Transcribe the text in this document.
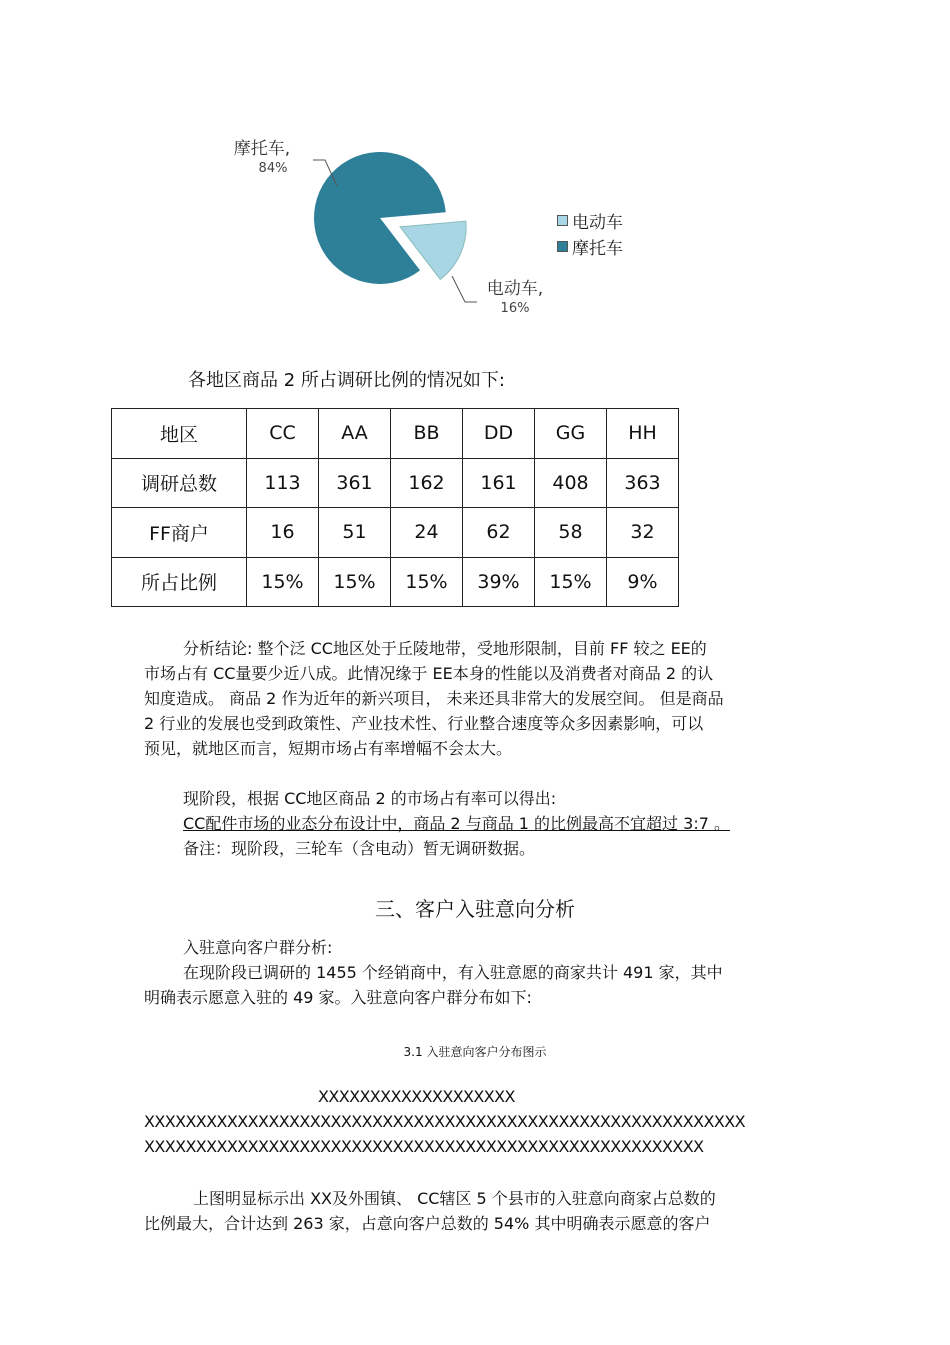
摩托车,
84%
电动车,
16%
电动车
摩托车
各地区商品 2 所占调研比例的情况如下:
地区	CC	AA	BB	DD	GG	HH
调研总数	113	361	162	161	408	363
FF商户	16	51	24	62	58	32
所占比例	15%	15%	15%	39%	15%	9%
分析结论: 整个泛 CC地区处于丘陵地带，受地形限制，目前 FF 较之 EE的
市场占有 CC量要少近八成。此情况缘于 EE本身的性能以及消费者对商品 2 的认
知度造成。 商品 2 作为近年的新兴项目， 未来还具非常大的发展空间。 但是商品
2 行业的发展也受到政策性、产业技术性、行业整合速度等众多因素影响，可以
预见，就地区而言，短期市场占有率增幅不会太大。
现阶段，根据 CC地区商品 2 的市场占有率可以得出:
CC配件市场的业态分布设计中，商品 2 与商品 1 的比例最高不宜超过 3:7 。
备注：现阶段，三轮车（含电动）暂无调研数据。
三、客户入驻意向分析
入驻意向客户群分析:
在现阶段已调研的 1455 个经销商中，有入驻意愿的商家共计 491 家，其中
明确表示愿意入驻的 49 家。入驻意向客户群分布如下:
3.1 入驻意向客户分布图示
XXXXXXXXXXXXXXXXXXX
XXXXXXXXXXXXXXXXXXXXXXXXXXXXXXXXXXXXXXXXXXXXXXXXXXXXXXXXXX
XXXXXXXXXXXXXXXXXXXXXXXXXXXXXXXXXXXXXXXXXXXXXXXXXXXXXX
上图明显标示出 XX及外围镇、 CC辖区 5 个县市的入驻意向商家占总数的
比例最大，合计达到 263 家，占意向客户总数的 54% 其中明确表示愿意的客户
